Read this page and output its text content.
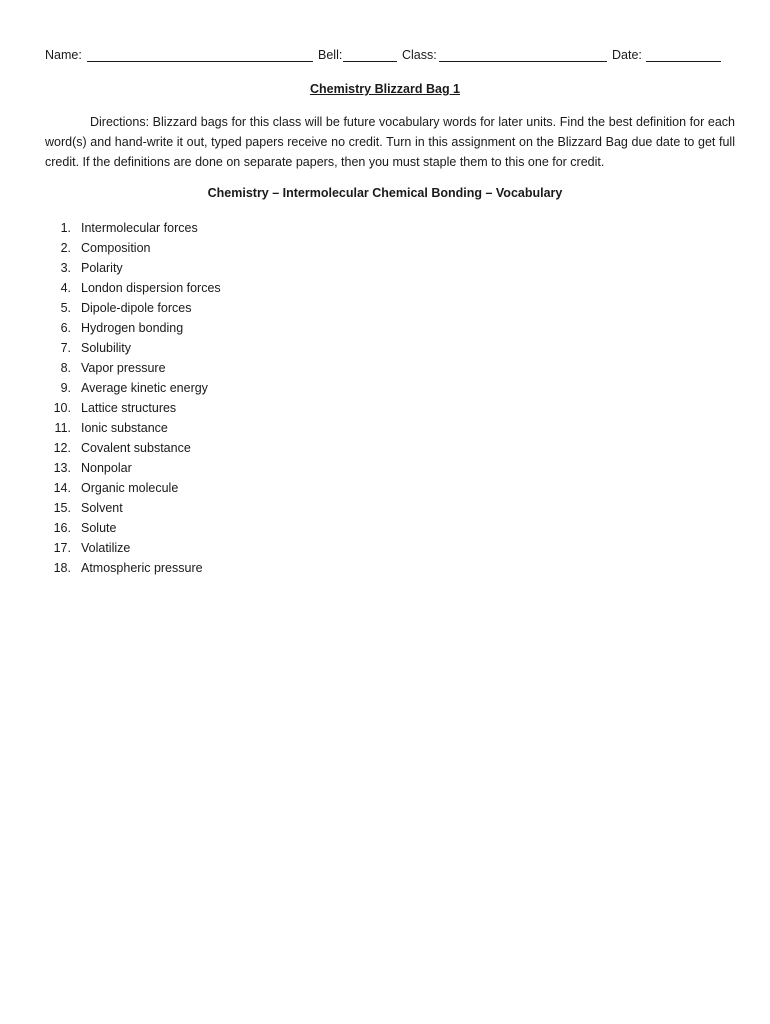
Name:	Bell:	Class:	Date:
Chemistry Blizzard Bag 1

Directions: Blizzard bags for this class will be future vocabulary words for later units. Find the best definition for each word(s) and hand-write it out, typed papers receive no credit. Turn in this assignment on the Blizzard Bag due date to get full credit. If the definitions are done on separate papers, then you must staple them to this one for credit.

Chemistry – Intermolecular Chemical Bonding – Vocabulary
1. Intermolecular forces
2. Composition
3. Polarity
4. London dispersion forces
5. Dipole-dipole forces
6. Hydrogen bonding
7. Solubility
8. Vapor pressure
9. Average kinetic energy
10. Lattice structures
11. Ionic substance
12. Covalent substance
13. Nonpolar
14. Organic molecule
15. Solvent
16. Solute
17. Volatilize
18. Atmospheric pressure
